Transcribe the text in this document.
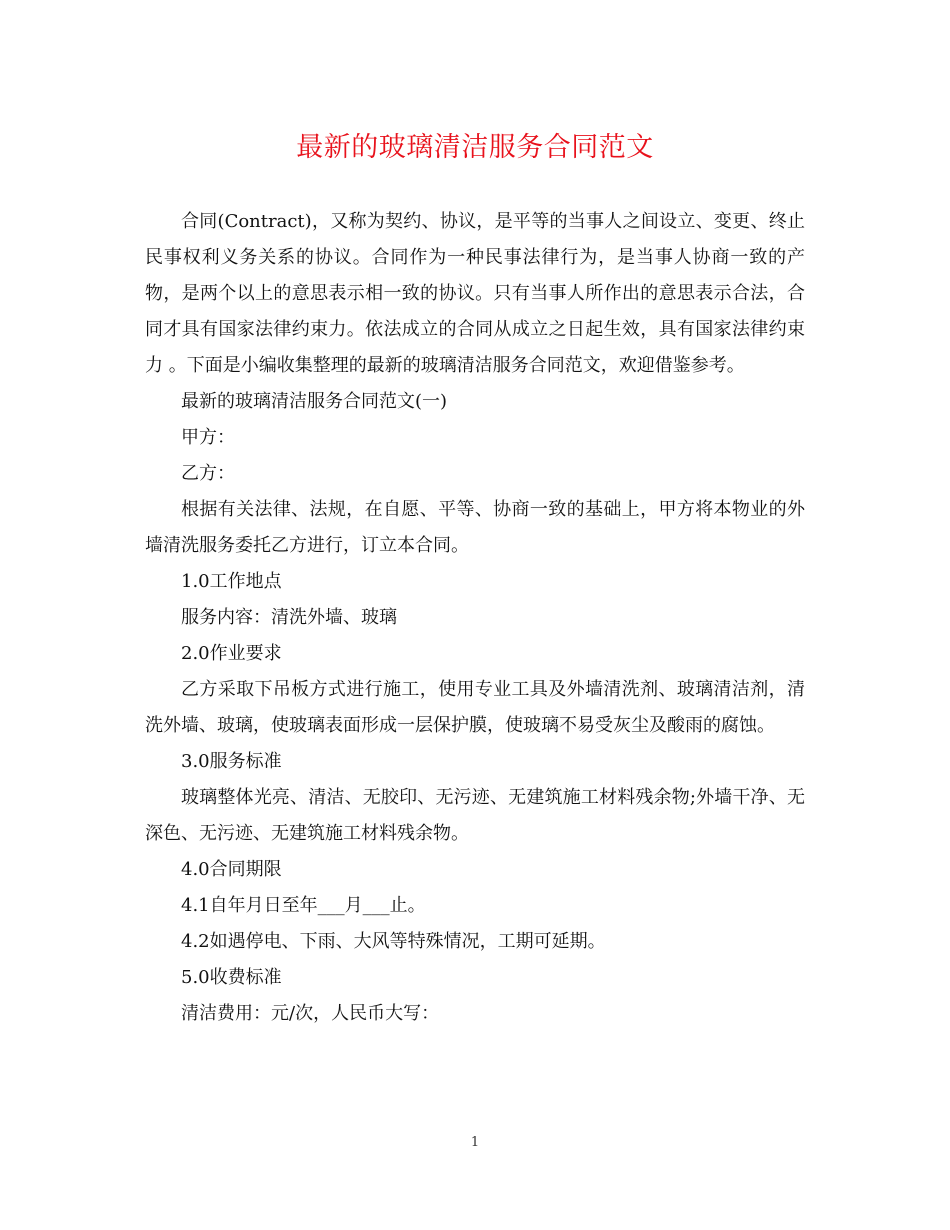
最新的玻璃清洁服务合同范文

合同(Contract)，又称为契约、协议，是平等的当事人之间设立、变更、终止民事权利义务关系的协议。合同作为一种民事法律行为，是当事人协商一致的产物，是两个以上的意思表示相一致的协议。只有当事人所作出的意思表示合法，合同才具有国家法律约束力。依法成立的合同从成立之日起生效，具有国家法律约束力 。下面是小编收集整理的最新的玻璃清洁服务合同范文，欢迎借鉴参考。

最新的玻璃清洁服务合同范文(一)

甲方：

乙方：

根据有关法律、法规，在自愿、平等、协商一致的基础上，甲方将本物业的外墙清洗服务委托乙方进行，订立本合同。

1.0工作地点

服务内容：清洗外墙、玻璃

2.0作业要求

乙方采取下吊板方式进行施工，使用专业工具及外墙清洗剂、玻璃清洁剂，清洗外墙、玻璃，使玻璃表面形成一层保护膜，使玻璃不易受灰尘及酸雨的腐蚀。

3.0服务标准

玻璃整体光亮、清洁、无胶印、无污迹、无建筑施工材料残余物;外墙干净、无深色、无污迹、无建筑施工材料残余物。

4.0合同期限

4.1自年月日至年___月___止。

4.2如遇停电、下雨、大风等特殊情况，工期可延期。

5.0收费标准

清洁费用：元/次，人民币大写：

1
